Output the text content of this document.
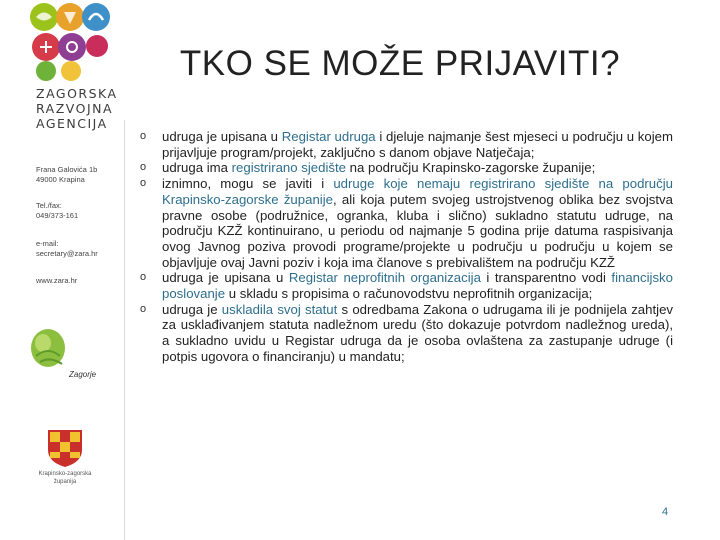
ZAGORSKA
RAZVOJNA
AGENCIJA
Frana Galovića 1b
49000 Krapina
Tel./fax:
049/373-161
e-mail:
secretary@zara.hr
www.zara.hr
Zagorje
Krapinsko-zagorska
županija
TKO SE MOŽE PRIJAVITI?
o udruga je upisana u Registar udruga i djeluje najmanje šest mjeseci u području u kojem prijavljuje program/projekt, zaključno s danom objave Natječaja;
o udruga ima registrirano sjedište na području Krapinsko-zagorske županije;
o iznimno, mogu se javiti i udruge koje nemaju registrirano sjedište na području Krapinsko-zagorske županije, ali koja putem svojeg ustrojstvenog oblika bez svojstva pravne osobe (podružnice, ogranka, kluba i slično) sukladno statutu udruge, na području KZŽ kontinuirano, u periodu od najmanje 5 godina prije datuma raspisivanja ovog Javnog poziva provodi programe/projekte u području u području u kojem se objavljuje ovaj Javni poziv i koja ima članove s prebivalištem na području KZŽ
o udruga je upisana u Registar neprofitnih organizacija i transparentno vodi financijsko poslovanje u skladu s propisima o računovodstvu neprofitnih organizacija;
o udruga je uskladila svoj statut s odredbama Zakona o udrugama ili je podnijela zahtjev za usklađivanjem statuta nadležnom uredu (što dokazuje potvrdom nadležnog ureda), a sukladno uvidu u Registar udruga da je osoba ovlaštena za zastupanje udruge (i potpis ugovora o financiranju) u mandatu;
4
